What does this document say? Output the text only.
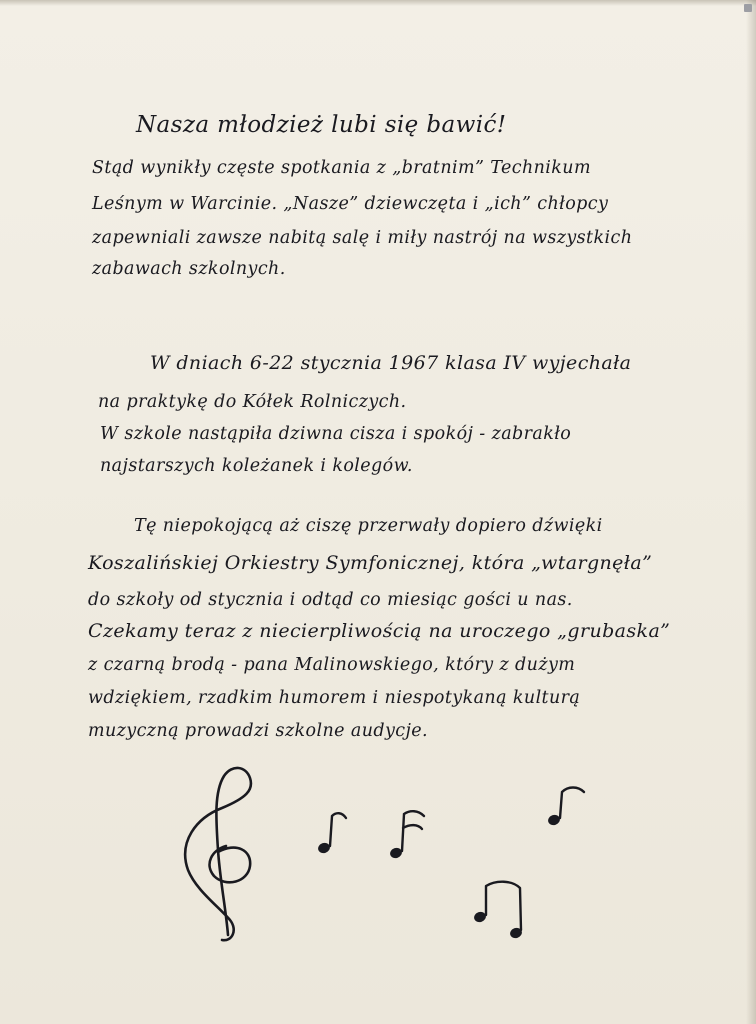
Nasza młodzież lubi się bawić!
Stąd wynikły częste spotkania z „bratnim” Technikum
Leśnym w Warcinie. „Nasze” dziewczęta i „ich” chłopcy
zapewniali zawsze nabitą salę i miły nastrój na wszystkich
zabawach szkolnych.
W dniach 6-22 stycznia 1967 klasa IV wyjechała
na praktykę do Kółek Rolniczych.
W szkole nastąpiła dziwna cisza i spokój - zabrakło
najstarszych koleżanek i kolegów.
Tę niepokojącą aż ciszę przerwały dopiero dźwięki
Koszalińskiej Orkiestry Symfonicznej, która „wtargnęła”
do szkoły od stycznia i odtąd co miesiąc gości u nas.
Czekamy teraz z niecierpliwością na uroczego „grubaska”
z czarną brodą - pana Malinowskiego, który z dużym
wdziękiem, rzadkim humorem i niespotykaną kulturą
muzyczną prowadzi szkolne audycje.
